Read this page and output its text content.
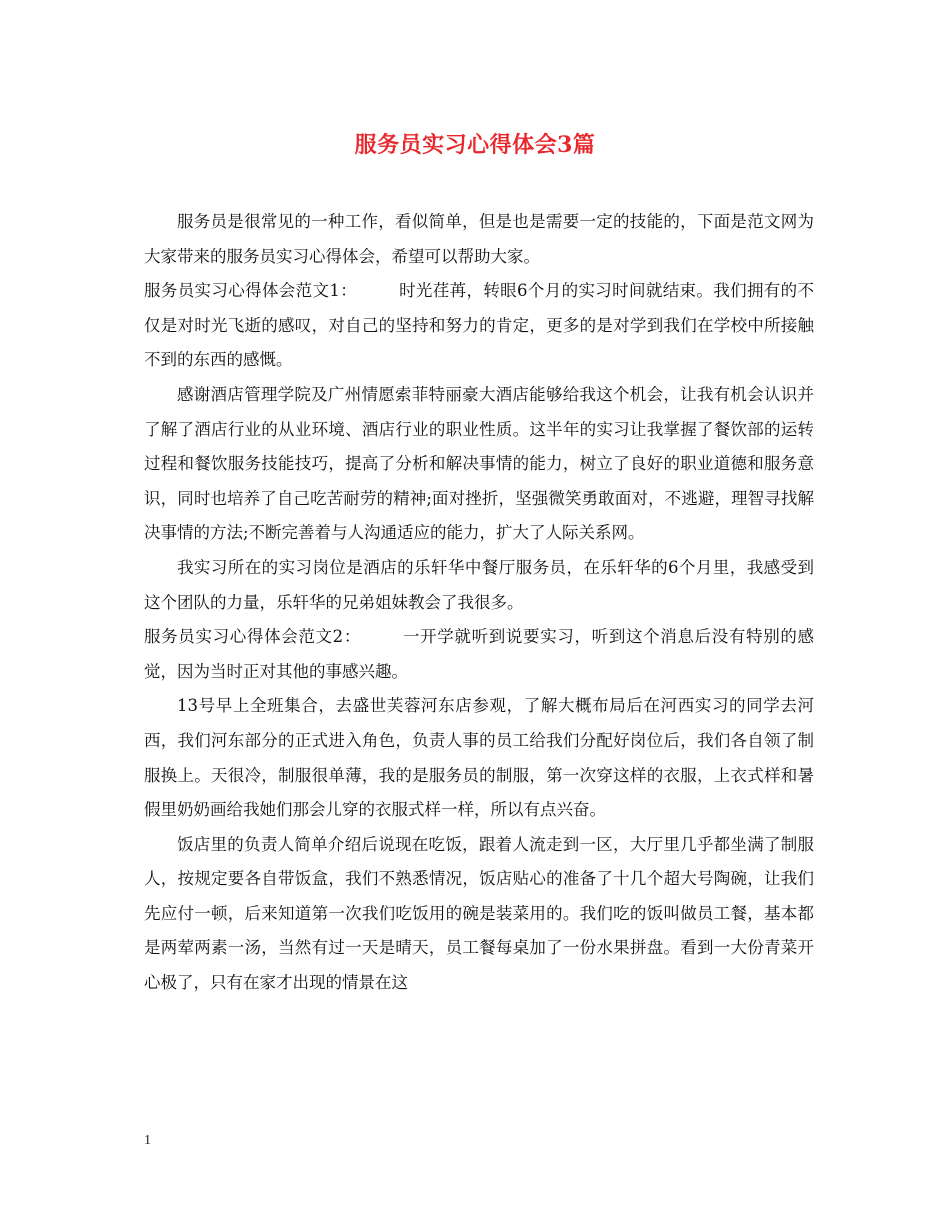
服务员实习心得体会3篇

服务员是很常见的一种工作，看似简单，但是也是需要一定的技能的，下面是范文网为大家带来的服务员实习心得体会，希望可以帮助大家。

服务员实习心得体会范文1：	时光荏苒，转眼6个月的实习时间就结束。我们拥有的不仅是对时光飞逝的感叹，对自己的坚持和努力的肯定，更多的是对学到我们在学校中所接触不到的东西的感慨。

感谢酒店管理学院及广州情愿索菲特丽豪大酒店能够给我这个机会，让我有机会认识并了解了酒店行业的从业环境、酒店行业的职业性质。这半年的实习让我掌握了餐饮部的运转过程和餐饮服务技能技巧，提高了分析和解决事情的能力，树立了良好的职业道德和服务意识，同时也培养了自己吃苦耐劳的精神;面对挫折，坚强微笑勇敢面对，不逃避，理智寻找解决事情的方法;不断完善着与人沟通适应的能力，扩大了人际关系网。

我实习所在的实习岗位是酒店的乐轩华中餐厅服务员，在乐轩华的6个月里，我感受到这个团队的力量，乐轩华的兄弟姐妹教会了我很多。

服务员实习心得体会范文2：	一开学就听到说要实习，听到这个消息后没有特别的感觉，因为当时正对其他的事感兴趣。

13号早上全班集合，去盛世芙蓉河东店参观，了解大概布局后在河西实习的同学去河西，我们河东部分的正式进入角色，负责人事的员工给我们分配好岗位后，我们各自领了制服换上。天很冷，制服很单薄，我的是服务员的制服，第一次穿这样的衣服，上衣式样和暑假里奶奶画给我她们那会儿穿的衣服式样一样，所以有点兴奋。

饭店里的负责人简单介绍后说现在吃饭，跟着人流走到一区，大厅里几乎都坐满了制服人，按规定要各自带饭盒，我们不熟悉情况，饭店贴心的准备了十几个超大号陶碗，让我们先应付一顿，后来知道第一次我们吃饭用的碗是装菜用的。我们吃的饭叫做员工餐，基本都是两荤两素一汤，当然有过一天是晴天，员工餐每桌加了一份水果拼盘。看到一大份青菜开心极了，只有在家才出现的情景在这

1
